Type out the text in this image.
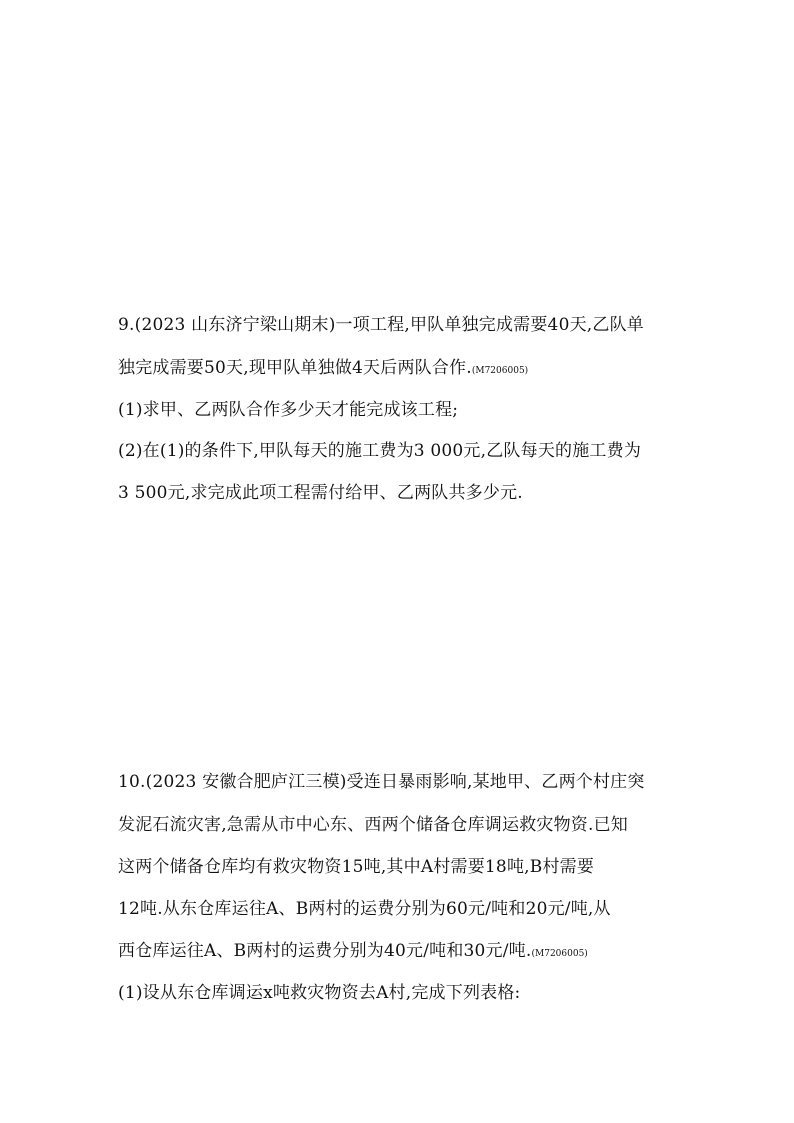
9.(2023 山东济宁梁山期末)一项工程,甲队单独完成需要40天,乙队单
独完成需要50天,现甲队单独做4天后两队合作.(M7206005)
(1)求甲、乙两队合作多少天才能完成该工程;
(2)在(1)的条件下,甲队每天的施工费为3 000元,乙队每天的施工费为
3 500元,求完成此项工程需付给甲、乙两队共多少元.
10.(2023 安徽合肥庐江三模)受连日暴雨影响,某地甲、乙两个村庄突
发泥石流灾害,急需从市中心东、西两个储备仓库调运救灾物资.已知
这两个储备仓库均有救灾物资15吨,其中A村需要18吨,B村需要
12吨.从东仓库运往A、B两村的运费分别为60元/吨和20元/吨,从
西仓库运往A、B两村的运费分别为40元/吨和30元/吨.(M7206005)
(1)设从东仓库调运x吨救灾物资去A村,完成下列表格:
